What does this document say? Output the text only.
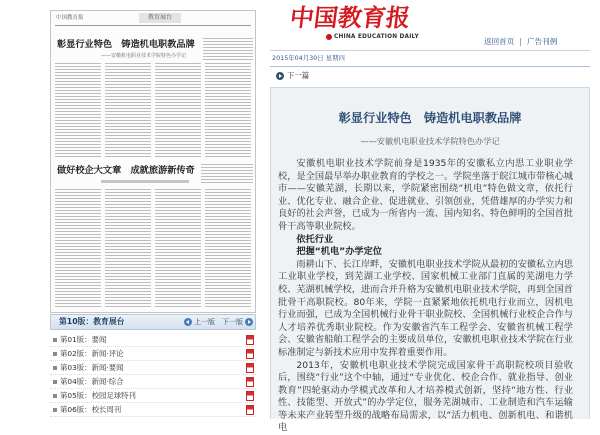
中国教育报	教育展台
彰显行业特色　铸造机电职教品牌
——安徽机电职业技术学院特色办学记
做好校企大文章　成就旅游新传奇
第10版：教育展台	上一版 下一版
第01版：要闻
第02版：新闻·评论
第03版：新闻·要闻
第04版：新闻·综合
第05版：校园足球特刊
第06版：校长周刊
中国教育报
CHINA EDUCATION DAILY	返回首页 | 广告刊例
2015年04月30日 星期四
下一篇
彰显行业特色　铸造机电职教品牌
——安徽机电职业技术学院特色办学记

安徽机电职业技术学院前身是1935年的安徽私立内思工业职业学校，是全国最早举办职业教育的学校之一。学院坐落于皖江城市带核心城市——安徽芜湖，长期以来，学院紧密围绕“机电”特色做文章，依托行业、优化专业、融合企业、促进就业、引领创业，凭借雄厚的办学实力和良好的社会声誉，已成为一所省内一流、国内知名、特色鲜明的全国首批骨干高等职业院校。

依托行业

把握“机电”办学定位

雨耕山下、长江岸畔，安徽机电职业技术学院从最初的安徽私立内思工业职业学校，到芜湖工业学校、国家机械工业部门直属的芜湖电力学校、芜湖机械学校，进而合并升格为安徽机电职业技术学院，再到全国首批骨干高职院校。80年来，学院一直紧紧地依托机电行业而立，因机电行业而强，已成为全国机械行业骨干职业院校、全国机械行业校企合作与人才培养优秀职业院校。作为安徽省汽车工程学会、安徽省机械工程学会、安徽省船舶工程学会的主要成员单位，安徽机电职业技术学院在行业标准制定与新技术应用中发挥着重要作用。

2013年，安徽机电职业技术学院完成国家骨干高职院校项目验收后，围绕“行业”这个中轴，通过“专业优化、校企合作、就业指导、创业教育”四轮驱动办学模式改革和人才培养模式创新，坚持“地方性、行业性、技能型、开放式”的办学定位，服务芜湖城市、工业制造和汽车运输等未来产业转型升级的战略布局需求，以“活力机电、创新机电、和谐机电
